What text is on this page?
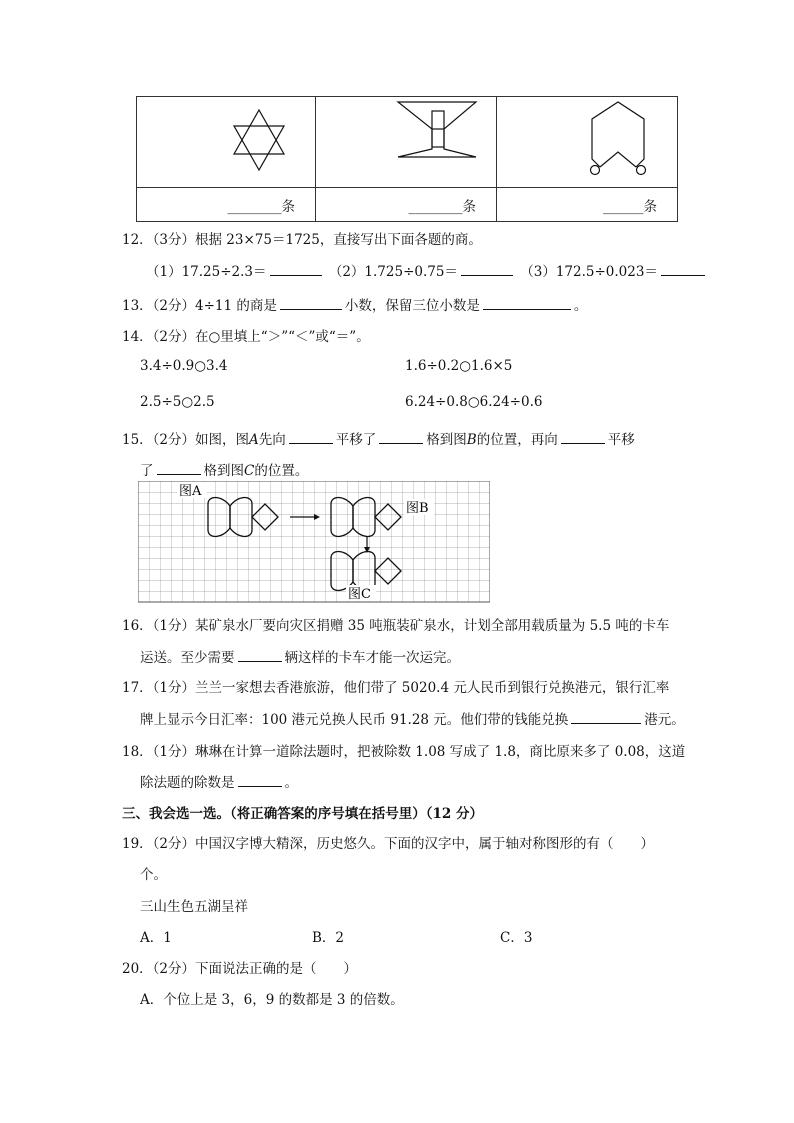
________条	________条	______条
12．（3分）根据 23×75＝1725，直接写出下面各题的商。
（1）17.25÷2.3＝	（2）1.725÷0.75＝	（3）172.5÷0.023＝
13．（2分）4÷11 的商是	小数，保留三位小数是	。
14．（2分）在○里填上“＞”“＜”或“＝”。
3.4÷0.9○3.4	1.6÷0.2○1.6×5
2.5÷5○2.5	6.24÷0.8○6.24÷0.6
15．（2分）如图，图A先向	平移了	格到图B的位置，再向	平移
了	格到图C的位置。
图A
图B
图C
16．（1分）某矿泉水厂要向灾区捐赠 35 吨瓶装矿泉水，计划全部用载质量为 5.5 吨的卡车
运送。至少需要	辆这样的卡车才能一次运完。
17．（1分）兰兰一家想去香港旅游，他们带了 5020.4 元人民币到银行兑换港元，银行汇率
牌上显示今日汇率：100 港元兑换人民币 91.28 元。他们带的钱能兑换	港元。
18．（1分）琳琳在计算一道除法题时，把被除数 1.08 写成了 1.8，商比原来多了 0.08，这道
除法题的除数是	。
三、我会选一选。（将正确答案的序号填在括号里）（12 分）
19．（2分）中国汉字博大精深，历史悠久。下面的汉字中，属于轴对称图形的有（　　）
个。
三山生色五湖呈祥
A．1	B．2	C．3
20．（2分）下面说法正确的是（　　）
A．个位上是 3，6，9 的数都是 3 的倍数。
